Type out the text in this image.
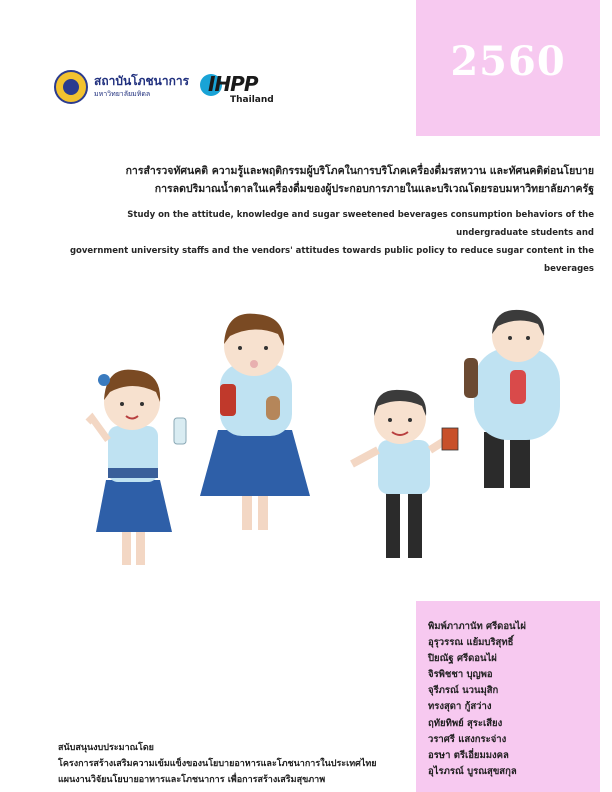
2560
สถาบันโภชนาการ
มหาวิทยาลัยมหิดล	IHPP
Thailand
การสำรวจทัศนคติ ความรู้และพฤติกรรมผู้บริโภคในการบริโภคเครื่องดื่มรสหวาน และทัศนคติต่อนโยบาย
การลดปริมาณน้ำตาลในเครื่องดื่มของผู้ประกอบการภายในและบริเวณโดยรอบมหาวิทยาลัยภาครัฐ
Study on the attitude, knowledge and sugar sweetened beverages consumption behaviors of the undergraduate students and
government university staffs and the vendors' attitudes towards public policy to reduce sugar content in the beverages
พิมพ์ภาภานัท ศรีดอนไผ่
อุรุวรรณ แย้มบริสุทธิ์
ปิยณัฐ ศรีดอนไผ่
จิรพิชชา บุญพอ
จุรีภรณ์ นวนมุสิก
ทรงสุดา กู้สว่าง
ฤทัยทิพย์ สุระเสียง
วราศรี แสงกระจ่าง
อรษา ตรีเอี่ยมมงคล
อุไรภรณ์ บูรณสุขสกุล
สนับสนุนงบประมาณโดย
โครงการสร้างเสริมความเข้มแข็งของนโยบายอาหารและโภชนาการในประเทศไทย
แผนงานวิจัยนโยบายอาหารและโภชนาการ เพื่อการสร้างเสริมสุขภาพ
